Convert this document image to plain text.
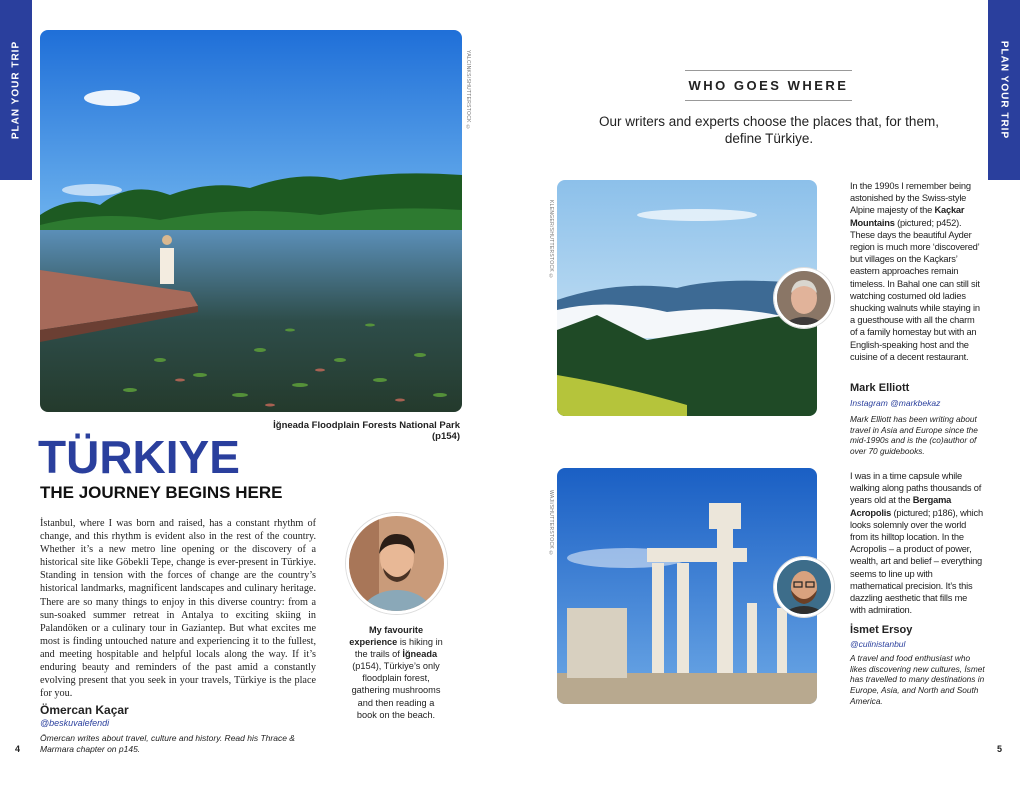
PLAN YOUR TRIP	PLAN YOUR TRIP
YALCINKS/SHUTTERSTOCK ©
İğneada Floodplain Forests National Park (p154)
TÜRKIYE
THE JOURNEY BEGINS HERE
İstanbul, where I was born and raised, has a constant rhythm of change, and this rhythm is evident also in the rest of the country. Whether it’s a new metro line opening or the discovery of a historical site like Göbekli Tepe, change is ever-present in Türkiye. Standing in tension with the forces of change are the country’s historical landmarks, magnificent landscapes and culinary heritage. There are so many things to enjoy in this diverse country: from a sun-soaked summer retreat in Antalya to exciting skiing in Palandöken or a culinary tour in Gaziantep. But what excites me most is finding untouched nature and experiencing it to the fullest, and meeting hospitable and helpful locals along the way. If it’s enduring beauty and reminders of the past amid a constantly evolving present that you seek in your travels, Türkiye is the place for you.
Ömercan Kaçar
@beskuvalefendi
Ömercan writes about travel, culture and history. Read his Thrace & Marmara chapter on p145.
My favourite experience is hiking in the trails of İğneada (p154), Türkiye’s only floodplain forest, gathering mushrooms and then reading a book on the beach.
4	5
WHO GOES WHERE
Our writers and experts choose the places that, for them, define Türkiye.
KLENGER/SHUTTERSTOCK ©
In the 1990s I remember being astonished by the Swiss-style Alpine majesty of the Kaçkar Mountains (pictured; p452). These days the beautiful Ayder region is much more ‘discovered’ but villages on the Kaçkars’ eastern approaches remain timeless. In Bahal one can still sit watching costumed old ladies shucking walnuts while staying in a guesthouse with all the charm of a family homestay but with an English-speaking host and the cuisine of a decent restaurant.
Mark Elliott
Instagram @markbekaz
Mark Elliott has been writing about travel in Asia and Europe since the mid-1990s and is the (co)author of over 70 guidebooks.
WAJI/SHUTTERSTOCK ©
I was in a time capsule while walking along paths thousands of years old at the Bergama Acropolis (pictured; p186), which looks solemnly over the world from its hilltop location. In the Acropolis – a product of power, wealth, art and belief – everything seems to line up with mathematical precision. It’s this dazzling aesthetic that fills me with admiration.
İsmet Ersoy
@culinistanbul
A travel and food enthusiast who likes discovering new cultures, İsmet has travelled to many destinations in Europe, Asia, and North and South America.
